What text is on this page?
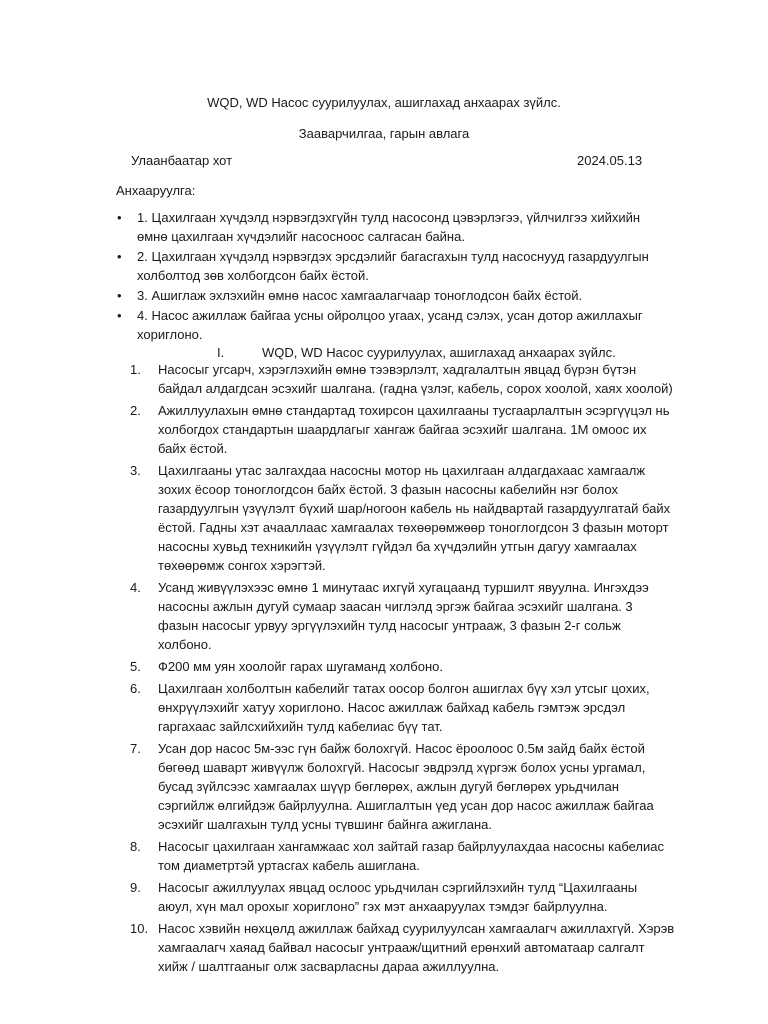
WQD, WD Насос суурилуулах, ашиглахад анхаарах зүйлс.
Зааварчилгаа, гарын авлага
Улаанбаатар хот	2024.05.13
Анхааруулга:
• 1. Цахилгаан хүчдэлд нэрвэгдэхгүйн тулд насосонд цэвэрлэгээ, үйлчилгээ хийхийн өмнө цахилгаан хүчдэлийг насосноос салгасан байна.
• 2. Цахилгаан хүчдэлд нэрвэгдэх эрсдэлийг багасгахын тулд насоснууд газардуулгын холболтод зөв холбогдсон байх ёстой.
• 3. Ашиглаж эхлэхийн өмнө насос хамгаалагчаар тоноглодсон байх ёстой.
• 4. Насос ажиллаж байгаа усны ойролцоо угаах, усанд сэлэх, усан дотор ажиллахыг хориглоно.
I.	WQD, WD Насос суурилуулах, ашиглахад анхаарах зүйлс.
1.	Насосыг угсарч, хэрэглэхийн өмнө тээвэрлэлт, хадгалалтын явцад бүрэн бүтэн байдал алдагдсан эсэхийг шалгана. (гадна үзлэг, кабель, сорох хоолой, хаях хоолой)
2.	Ажиллуулахын өмнө стандартад тохирсон цахилгааны тусгаарлалтын эсэргүүцэл нь холбогдох стандартын шаардлагыг хангаж байгаа эсэхийг шалгана. 1М омоос их байх ёстой.
3.	Цахилгааны утас залгахдаа насосны мотор нь цахилгаан алдагдахаас хамгаалж зохих ёсоор тоноглогдсон байх ёстой. 3 фазын насосны кабелийн нэг болох газардуулгын үзүүлэлт бүхий шар/ногоон кабель нь найдвартай газардуулгатай байх ёстой. Гадны хэт ачааллаас хамгаалах төхөөрөмжөөр тоноглогдсон 3 фазын моторт насосны хувьд техникийн үзүүлэлт гүйдэл ба хүчдэлийн утгын дагуу хамгаалах төхөөрөмж сонгох хэрэгтэй.
4.	Усанд живүүлэхээс өмнө 1 минутаас ихгүй хугацаанд туршилт явуулна. Ингэхдээ насосны ажлын дугуй сумаар заасан чиглэлд эргэж байгаа эсэхийг шалгана. 3 фазын насосыг урвуу эргүүлэхийн тулд насосыг унтрааж, 3 фазын 2-г сольж холбоно.
5.	Ф200 мм уян хоолойг гарах шугаманд холбоно.
6.	Цахилгаан холболтын кабелийг татах оосор болгон ашиглах бүү хэл утсыг цохих, өнхрүүлэхийг хатуу хориглоно. Насос ажиллаж байхад кабель гэмтэж эрсдэл гаргахаас зайлсхийхийн тулд кабелиас бүү тат.
7.	Усан дор насос 5м-ээс гүн байж болохгүй. Насос ёроолоос 0.5м зайд байх ёстой бөгөөд шаварт живүүлж болохгүй. Насосыг эвдрэлд хүргэж болох усны ургамал, бусад зүйлсээс хамгаалах шүүр бөглөрөх, ажлын дугуй бөглөрөх урьдчилан сэргийлж өлгийдэж байрлуулна. Ашиглалтын үед усан дор насос ажиллаж байгаа эсэхийг шалгахын тулд усны түвшинг байнга ажиглана.
8.	Насосыг цахилгаан хангамжаас хол зайтай газар байрлуулахдаа насосны кабелиас том диаметртэй уртасгах кабель ашиглана.
9.	Насосыг ажиллуулах явцад ослоос урьдчилан сэргийлэхийн тулд “Цахилгааны аюул, хүн мал орохыг хориглоно” гэх мэт анхааруулах тэмдэг байрлуулна.
10. Насос хэвийн нөхцөлд ажиллаж байхад суурилуулсан хамгаалагч ажиллахгүй. Хэрэв хамгаалагч хаяад байвал насосыг унтрааж/щитний ерөнхий автоматаар салгалт хийж / шалтгааныг олж засварласны дараа ажиллуулна.
